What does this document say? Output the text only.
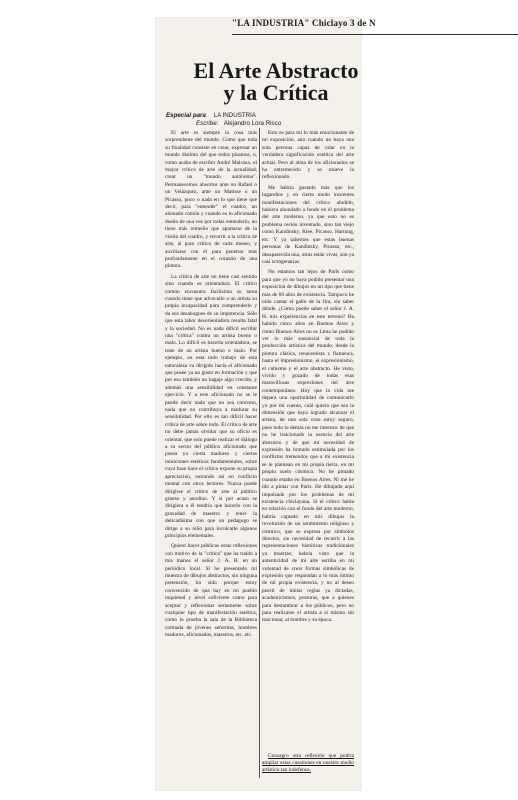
"LA INDUSTRIA" Chiclayo 3 de N
El Arte Abstracto
y la Crítica
Especial para LA INDUSTRIA
Escribe: Alejandro Lora Risco

El arte es siempre la cosa más sorprendente del mundo. Como que toda su finalidad consiste en crear, expresar un mundo distinto del que todos pisamos, o, como acaba de escribir André Malraux, el mayor crítico de arte de la actualidad, crear un "mundo autónomo". Permanecemos absortos ante un Rafael o un Velázquez, ante un Matisse o un Picasso, poco o nada en lo que tiene que decir, para "entender" el cuadro, un alienado común y cuando es lo aficionado dueño de una vez por todas entenderlo, no tiene más remedio que apartarse de la visión del cuadro, y recurrir a la crítica de arte, al gran crítico de cada museo, y auxiliarse con él para penetrar más profundamente en el corazón de una pintura.

La crítica de arte no tiene casi sentido sino cuando es orientadora. El crítico común encuentra facilísima su tarea cuando tiene que advocarle a un artista su propia incapacidad para comprenderlo y da sus desahogues de su impotencia. Sólo que esta labor desorientadora resulta fatal y la sociedad. No es nada difícil escribir una "crítica" contra un artista bueno o malo. Lo difícil es hacerla orientadora, se trate de un artista bueno o malo. Por ejemplo, en esta todo trabajo de esta naturaleza va dirigido hacia el aficionado que posee ya un gusto en formación y que por eso también un bagaje algo crecido, y además una sensibilidad en constante ejercicio. Y a este aficionado no se le puede decir nada que no sea concreto, nada que no contribuya a madurar su sensibilidad. Por ello es tan difícil hacer crítica de arte sobre todo. El crítico de arte no debe jamás olvidar que su oficio es orientar, que solo puede realizar el diálogo a su sector del público aficionado que posea ya cierta madurez y ciertas intuiciones estéticas fundamentales, sobre cuya base hace el crítico expone su propia apreciación, entrando así en conflicto mental con otros lectores. Nunca puede dirigirse el crítico de arte al público grueso y anodino. Y si por acaso se dirigiera a él tendría que hacerlo con la gravedad de maestro y tener la delicadísima con que un pedagogo se dirige a su niño para inculcarle algunos principios elementales.

Quiero hacer públicas estas reflexiones con motivo de la "crítica" que ha traído a mis manos el señor J. A. H. en un periódico local. Si he presentado mi muestra de dibujos abstractos, sin ninguna pretensión, ha sido porque estoy convencido de que hay en mi pueblo inquietud y nivel suficiente como para aceptar y reflexionar seriamente sobre cualquier tipo de manifestación estética, como lo prueba la sala de la Biblioteca colmada de jóvenes señoritas, hombres maduros, aficionados, maestros, etc. etc.

Esto es para mí lo más emocionante de mi exposición, aún cuando no haya una sola persona capaz de calar en la verdadera significación estética del arte actual. Pero al alma de los aficionados se ha entremecido y se mueve la reflexionado.

Me habría gustado más que los lugareños y en cierto modo inocentes manifestaciones del crítico aludido, hubiera ahondado a fondo en el problema del arte moderno, ya que esto no es problema recién inventado, sino tan viejo como Kandinsky, Klee, Picasso, Hartung, etc. Y ya sabemos que estas buenas personas de Kandinsky, Picasso, etc., desaparecida una, otras están vivas, son ya casi octogenarias.

No estamos tan lejos de París como para que yo no haya podido presentar una exposición de dibujos en un tipo que tiene más de 60 años de existencia. Tampoco he oído cantar el gallo de la Jira, sin saber dónde. ¿Cómo puede saber el señor J. A. H. mis experiencias en este terreno? Ha habido cinco años en Buenos Aires y como Buenos Aires no es Lima he podido ver lo más sustancial de toda la producción artística del mundo, desde la pintura clásica, renacentista y flamenca, hasta el impresionismo, el expresionismo, el cubismo y el arte abstracto. He visto, vivido y gozado de todas esas maravillosas expresiones del arte contemporáneo. Hoy que la vida me depara una oportunidad de comunicarlo yo por mi cuenta, cuál quiera que sea la dimensión que haya logrado alcanzar el artista, de una sola cosa estoy seguro, pues todo lo demás no me interesa: de que no he traicionado la esencia del arte abstracto y de que mi necesidad de expresión ha brotado estimulada por los conflictos tremendos que a mi existencia se le plantean en mi propia tierra, en mi propio suelo cósmico. No he pintado cuando estaba en Buenos Aires. Ni me he ido a pintar con París. He dibujado aquí impulsado por los problemas de mi existencia chiclayana. Si el crítico habla en relación con el fondo del arte moderno, habría captado en mis dibujos la revolución de un sentimiento religioso y cósmico, que se expresa por símbolos directos, sin necesidad de recurrir a las representaciones históricas tradicionales ya muertas; habría visto que la autenticidad de mi arte estriba en mi voluntad de crear formas simbólicas de expresión que respondan a lo más íntimo de mi propia existencia, y no al deseo pueril de imitar reglas ya dictadas, academicismos, posturas, que a quienes para deslumbrar a los públicos, pero no para realizarse el artista a sí mismo sin traicionar, al hombre y su época.

Consagro otra reflexión que podría ampliar estas cuestiones en nuestro medio artístico tan indefenso.
